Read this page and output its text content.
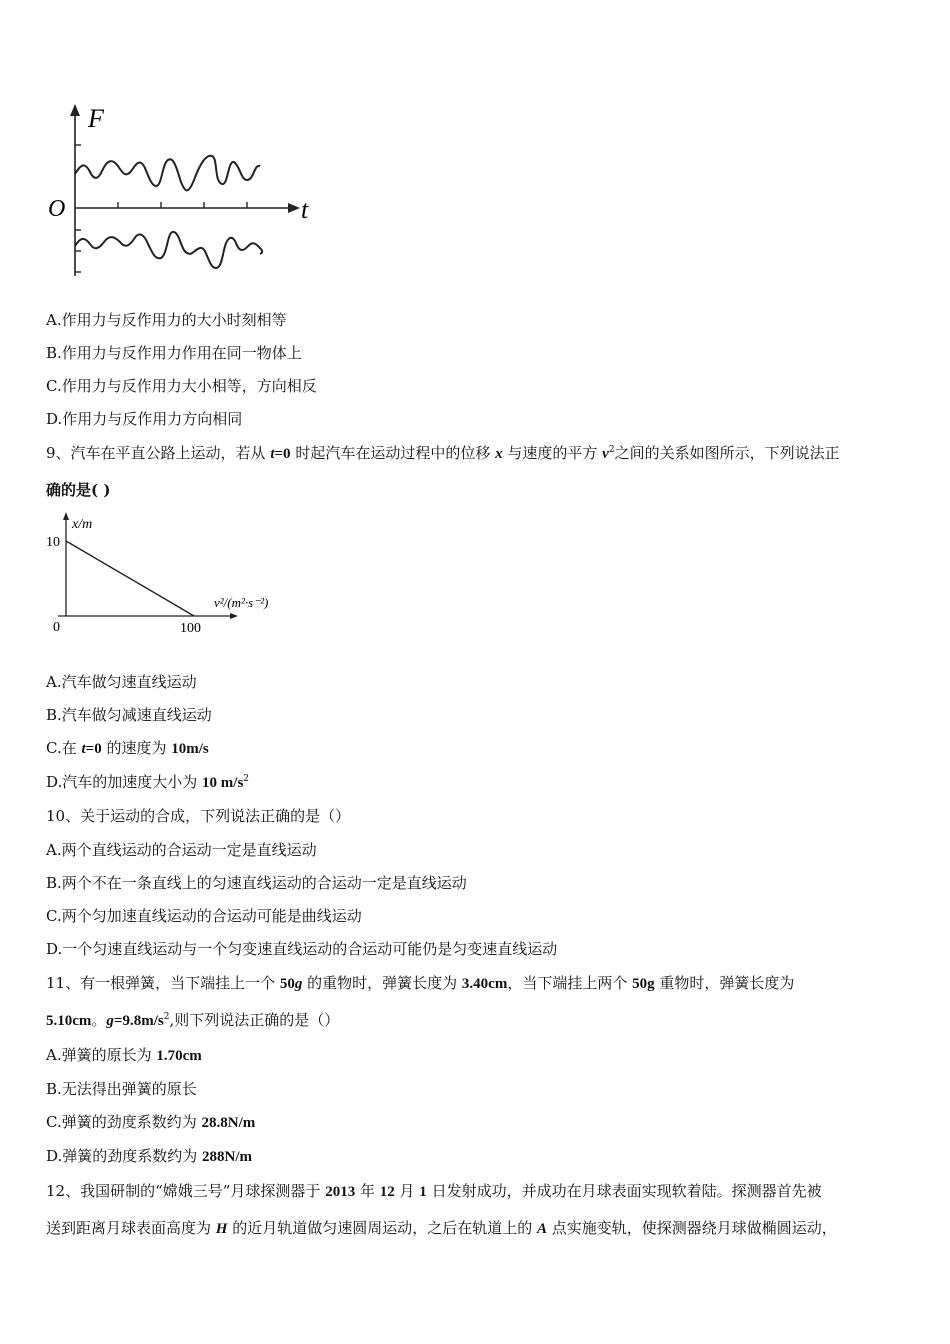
F
t
O
A.作用力与反作用力的大小时刻相等
B.作用力与反作用力作用在同一物体上
C.作用力与反作用力大小相等，方向相反
D.作用力与反作用力方向相同
9、汽车在平直公路上运动，若从 t=0 时起汽车在运动过程中的位移 x 与速度的平方 $v^2$之间的关系如图所示，下列说法正
确的是( )
x/m
10
0	100
v²/(m²·s⁻²)
A.汽车做匀速直线运动
B.汽车做匀减速直线运动
C.在 t=0 的速度为 10m/s
D.汽车的加速度大小为 10 $m/s^2$
10、关于运动的合成，下列说法正确的是（）
A.两个直线运动的合运动一定是直线运动
B.两个不在一条直线上的匀速直线运动的合运动一定是直线运动
C.两个匀加速直线运动的合运动可能是曲线运动
D.一个匀速直线运动与一个匀变速直线运动的合运动可能仍是匀变速直线运动
11、有一根弹簧，当下端挂上一个 50g 的重物时，弹簧长度为 3.40cm，当下端挂上两个 50g 重物时，弹簧长度为
5.10cm。$g=9.8m/s^2$,则下列说法正确的是（）
A.弹簧的原长为 1.70cm
B.无法得出弹簧的原长
C.弹簧的劲度系数约为 28.8N/m
D.弹簧的劲度系数约为 288N/m
12、我国研制的“嫦娥三号”月球探测器于 2013 年 12 月 1 日发射成功，并成功在月球表面实现软着陆。探测器首先被
送到距离月球表面高度为 H 的近月轨道做匀速圆周运动，之后在轨道上的 A 点实施变轨，使探测器绕月球做椭圆运动，
